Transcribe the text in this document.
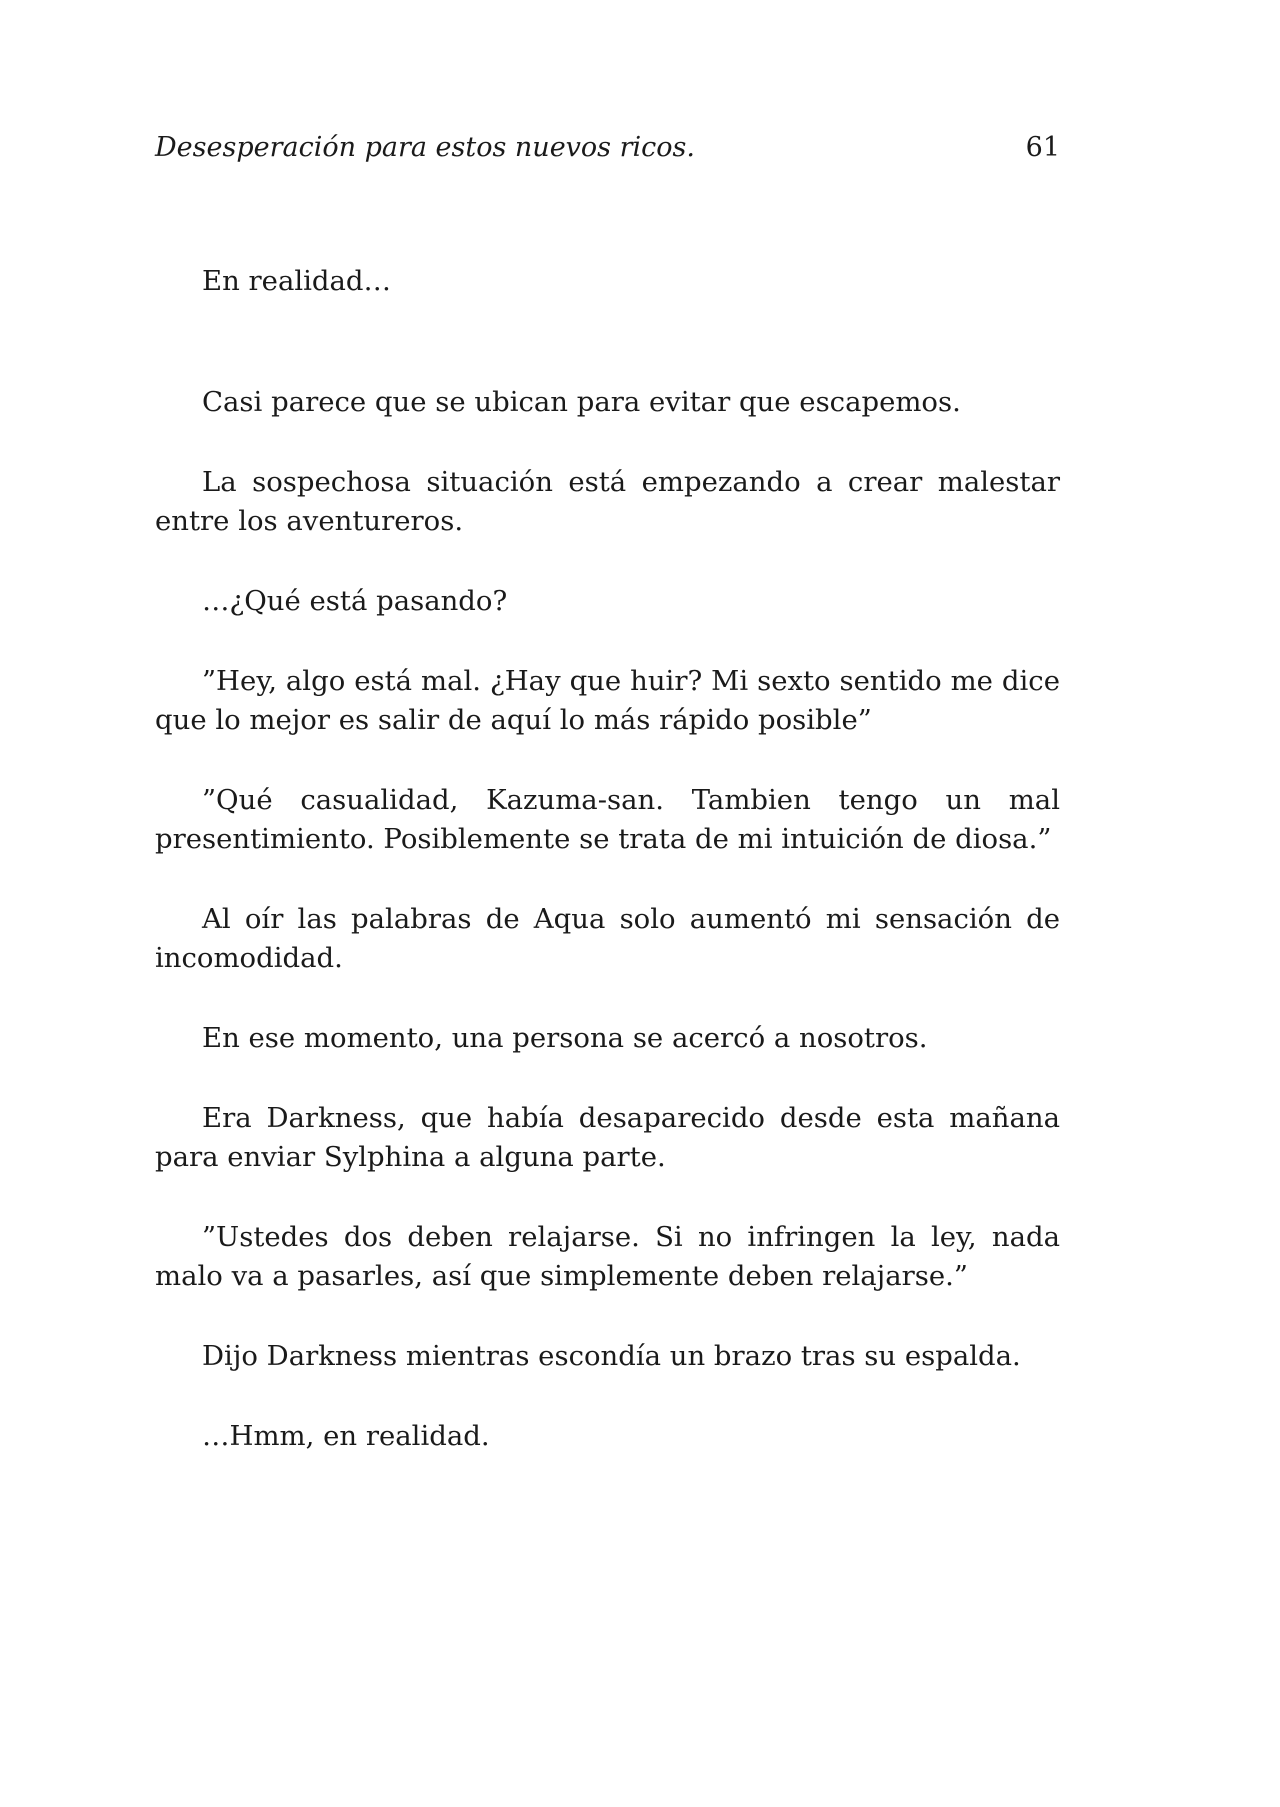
Desesperación para estos nuevos ricos.	61

En realidad…

Casi parece que se ubican para evitar que escapemos.

La sospechosa situación está empezando a crear malestar entre los aventureros.

…¿Qué está pasando?

”Hey, algo está mal. ¿Hay que huir? Mi sexto sentido me dice que lo mejor es salir de aquí lo más rápido posible”

”Qué casualidad, Kazuma-san. Tambien tengo un mal presentimiento. Posiblemente se trata de mi intuición de diosa.”

Al oír las palabras de Aqua solo aumentó mi sensación de incomodidad.

En ese momento, una persona se acercó a nosotros.

Era Darkness, que había desaparecido desde esta mañana para enviar Sylphina a alguna parte.

”Ustedes dos deben relajarse. Si no infringen la ley, nada malo va a pasarles, así que simplemente deben relajarse.”

Dijo Darkness mientras escondía un brazo tras su espalda.

…Hmm, en realidad.
